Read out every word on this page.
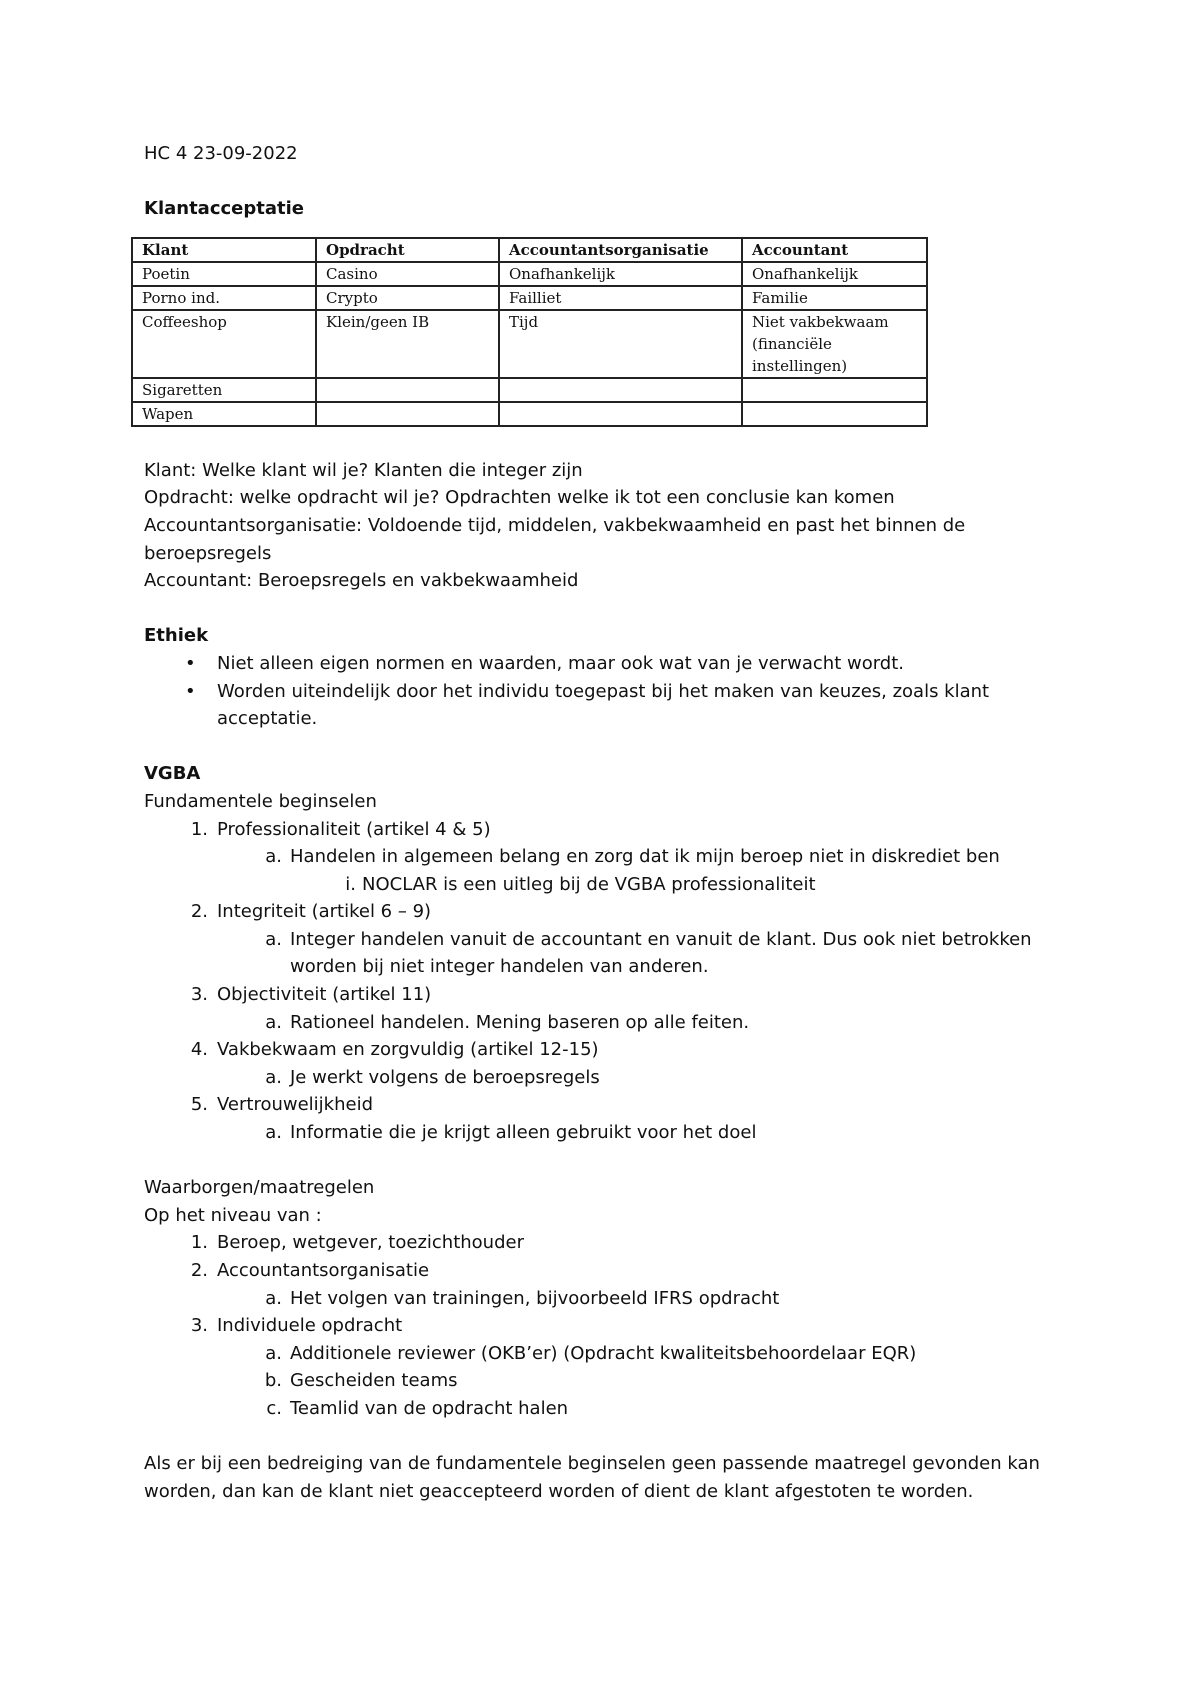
HC 4 23-09-2022

Klantacceptatie

Klant	Opdracht	Accountantsorganisatie	Accountant
Poetin	Casino	Onafhankelijk	Onafhankelijk
Porno ind.	Crypto	Failliet	Familie
Coffeeshop	Klein/geen IB	Tijd	Niet vakbekwaam (financiële instellingen)
Sigaretten			
Wapen			

Klant: Welke klant wil je? Klanten die integer zijn

Opdracht: welke opdracht wil je? Opdrachten welke ik tot een conclusie kan komen

Accountantsorganisatie: Voldoende tijd, middelen, vakbekwaamheid en past het binnen de beroepsregels

Accountant: Beroepsregels en vakbekwaamheid

Ethiek

• Niet alleen eigen normen en waarden, maar ook wat van je verwacht wordt.
• Worden uiteindelijk door het individu toegepast bij het maken van keuzes, zoals klant acceptatie.

VGBA

Fundamentele beginselen

1. Professionaliteit (artikel 4 & 5)
a. Handelen in algemeen belang en zorg dat ik mijn beroep niet in diskrediet ben
i. NOCLAR is een uitleg bij de VGBA professionaliteit
2. Integriteit (artikel 6 – 9)
a. Integer handelen vanuit de accountant en vanuit de klant. Dus ook niet betrokken worden bij niet integer handelen van anderen.
3. Objectiviteit (artikel 11)
a. Rationeel handelen. Mening baseren op alle feiten.
4. Vakbekwaam en zorgvuldig (artikel 12-15)
a. Je werkt volgens de beroepsregels
5. Vertrouwelijkheid
a. Informatie die je krijgt alleen gebruikt voor het doel

Waarborgen/maatregelen

Op het niveau van :

1. Beroep, wetgever, toezichthouder
2. Accountantsorganisatie
a. Het volgen van trainingen, bijvoorbeeld IFRS opdracht
3. Individuele opdracht
a. Additionele reviewer (OKB’er) (Opdracht kwaliteitsbehoordelaar EQR)
b. Gescheiden teams
c. Teamlid van de opdracht halen

Als er bij een bedreiging van de fundamentele beginselen geen passende maatregel gevonden kan worden, dan kan de klant niet geaccepteerd worden of dient de klant afgestoten te worden.
